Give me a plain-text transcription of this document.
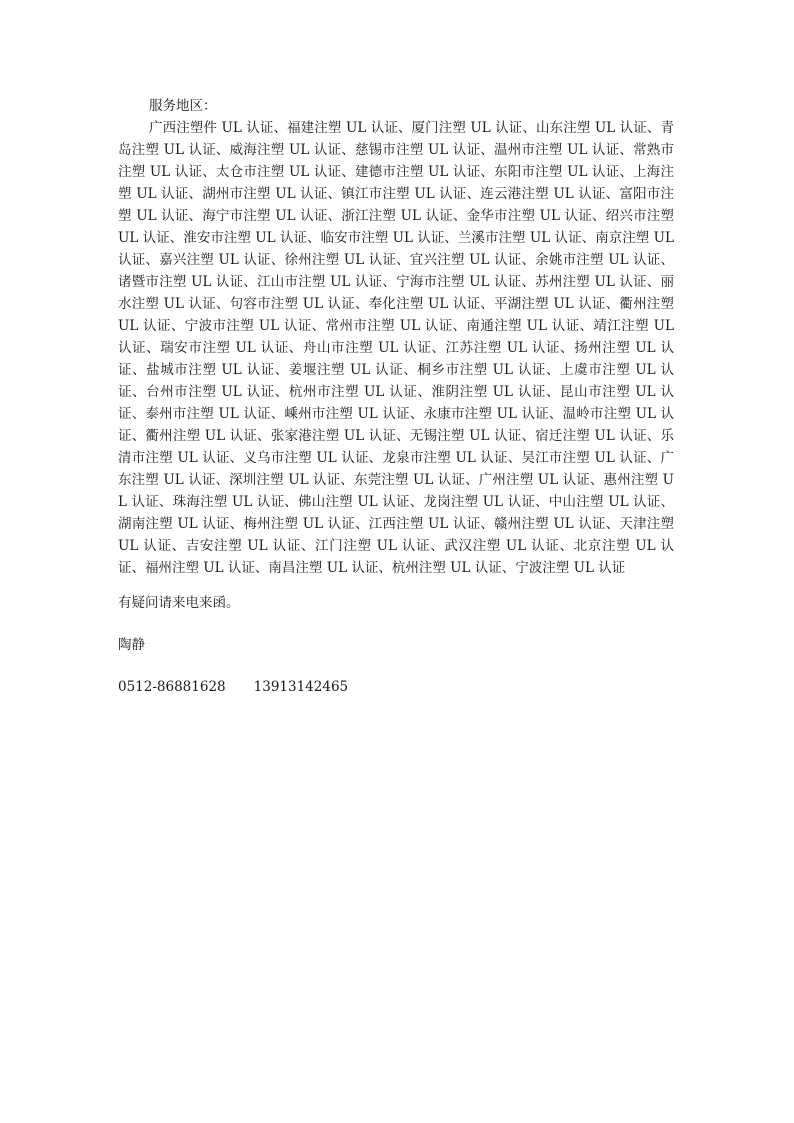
服务地区：

广西注塑件 UL 认证、福建注塑 UL 认证、厦门注塑 UL 认证、山东注塑 UL 认证、青岛注塑 UL 认证、威海注塑 UL 认证、慈锡市注塑 UL 认证、温州市注塑 UL 认证、常熟市注塑 UL 认证、太仓市注塑 UL 认证、建德市注塑 UL 认证、东阳市注塑 UL 认证、上海注塑 UL 认证、湖州市注塑 UL 认证、镇江市注塑 UL 认证、连云港注塑 UL 认证、富阳市注塑 UL 认证、海宁市注塑 UL 认证、浙江注塑 UL 认证、金华市注塑 UL 认证、绍兴市注塑 UL 认证、淮安市注塑 UL 认证、临安市注塑 UL 认证、兰溪市注塑 UL 认证、南京注塑 UL 认证、嘉兴注塑 UL 认证、徐州注塑 UL 认证、宜兴注塑 UL 认证、余姚市注塑 UL 认证、诸暨市注塑 UL 认证、江山市注塑 UL 认证、宁海市注塑 UL 认证、苏州注塑 UL 认证、丽水注塑 UL 认证、句容市注塑 UL 认证、奉化注塑 UL 认证、平湖注塑 UL 认证、衢州注塑 UL 认证、宁波市注塑 UL 认证、常州市注塑 UL 认证、南通注塑 UL 认证、靖江注塑 UL 认证、瑞安市注塑 UL 认证、舟山市注塑 UL 认证、江苏注塑 UL 认证、扬州注塑 UL 认证、盐城市注塑 UL 认证、姜堰注塑 UL 认证、桐乡市注塑 UL 认证、上虞市注塑 UL 认证、台州市注塑 UL 认证、杭州市注塑 UL 认证、淮阴注塑 UL 认证、昆山市注塑 UL 认证、泰州市注塑 UL 认证、嵊州市注塑 UL 认证、永康市注塑 UL 认证、温岭市注塑 UL 认证、衢州注塑 UL 认证、张家港注塑 UL 认证、无锡注塑 UL 认证、宿迁注塑 UL 认证、乐清市注塑 UL 认证、义乌市注塑 UL 认证、龙泉市注塑 UL 认证、吴江市注塑 UL 认证、广东注塑 UL 认证、深圳注塑 UL 认证、东莞注塑 UL 认证、广州注塑 UL 认证、惠州注塑 UL 认证、珠海注塑 UL 认证、佛山注塑 UL 认证、龙岗注塑 UL 认证、中山注塑 UL 认证、湖南注塑 UL 认证、梅州注塑 UL 认证、江西注塑 UL 认证、赣州注塑 UL 认证、天津注塑 UL 认证、吉安注塑 UL 认证、江门注塑 UL 认证、武汉注塑 UL 认证、北京注塑 UL 认证、福州注塑 UL 认证、南昌注塑 UL 认证、杭州注塑 UL 认证、宁波注塑 UL 认证

有疑问请来电来函。

陶静

0512-86881628 13913142465
